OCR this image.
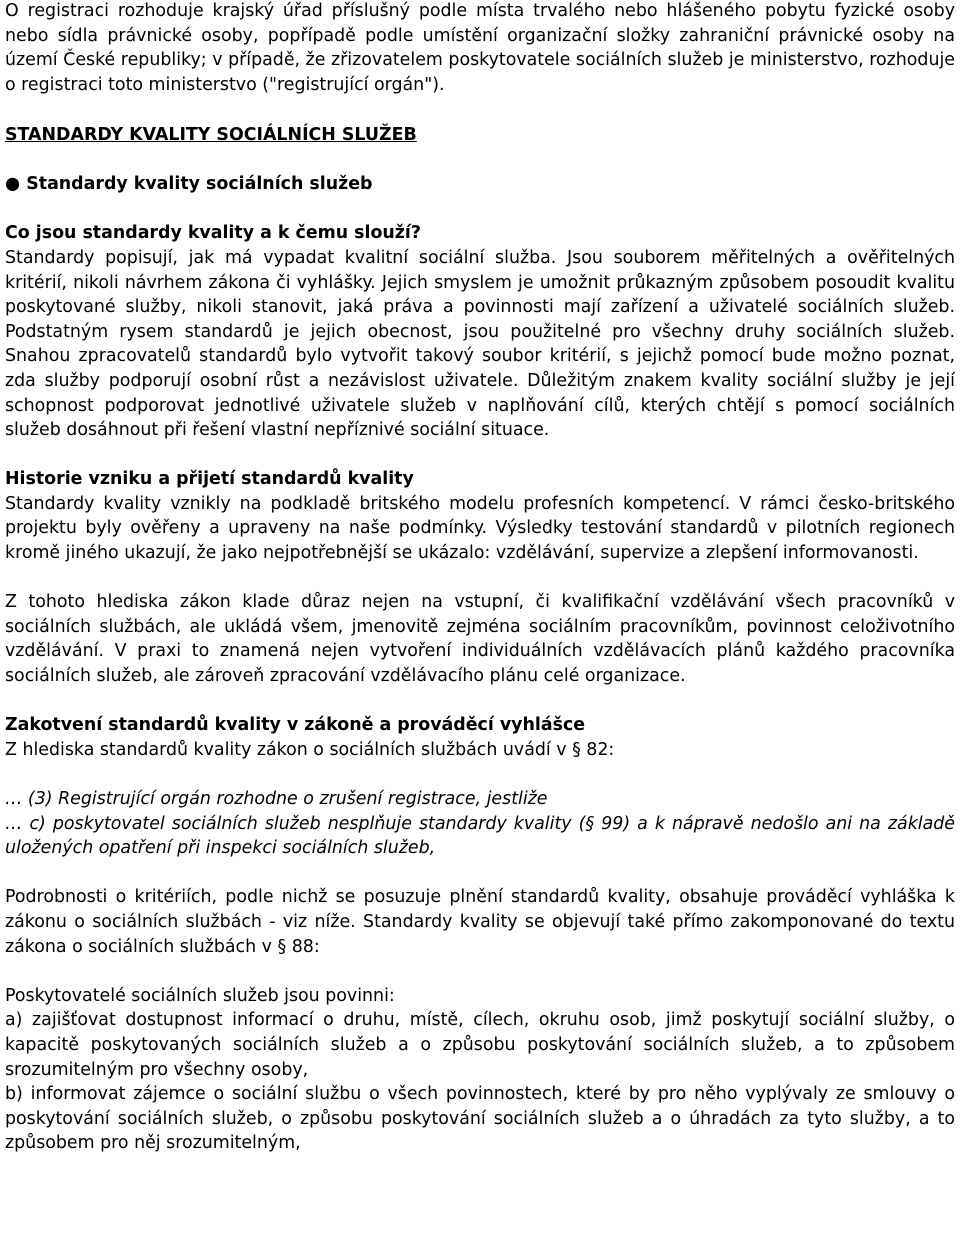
O registraci rozhoduje krajský úřad příslušný podle místa trvalého nebo hlášeného pobytu fyzické osoby nebo sídla právnické osoby, popřípadě podle umístění organizační složky zahraniční právnické osoby na území České republiky; v případě, že zřizovatelem poskytovatele sociálních služeb je ministerstvo, rozhoduje o registraci toto ministerstvo ("registrující orgán").

STANDARDY KVALITY SOCIÁLNÍCH SLUŽEB

● Standardy kvality sociálních služeb

Co jsou standardy kvality a k čemu slouží?

Standardy popisují, jak má vypadat kvalitní sociální služba. Jsou souborem měřitelných a ověřitelných kritérií, nikoli návrhem zákona či vyhlášky. Jejich smyslem je umožnit průkazným způsobem posoudit kvalitu poskytované služby, nikoli stanovit, jaká práva a povinnosti mají zařízení a uživatelé sociálních služeb. Podstatným rysem standardů je jejich obecnost, jsou použitelné pro všechny druhy sociálních služeb. Snahou zpracovatelů standardů bylo vytvořit takový soubor kritérií, s jejichž pomocí bude možno poznat, zda služby podporují osobní růst a nezávislost uživatele. Důležitým znakem kvality sociální služby je její schopnost podporovat jednotlivé uživatele služeb v naplňování cílů, kterých chtějí s pomocí sociálních služeb dosáhnout při řešení vlastní nepříznivé sociální situace.

Historie vzniku a přijetí standardů kvality

Standardy kvality vznikly na podkladě britského modelu profesních kompetencí. V rámci česko-britského projektu byly ověřeny a upraveny na naše podmínky. Výsledky testování standardů v pilotních regionech kromě jiného ukazují, že jako nejpotřebnější se ukázalo: vzdělávání, supervize a zlepšení informovanosti.

Z tohoto hlediska zákon klade důraz nejen na vstupní, či kvalifikační vzdělávání všech pracovníků v sociálních službách, ale ukládá všem, jmenovitě zejména sociálním pracovníkům, povinnost celoživotního vzdělávání. V praxi to znamená nejen vytvoření individuálních vzdělávacích plánů každého pracovníka sociálních služeb, ale zároveň zpracování vzdělávacího plánu celé organizace.

Zakotvení standardů kvality v zákoně a prováděcí vyhlášce

Z hlediska standardů kvality zákon o sociálních službách uvádí v § 82:

… (3) Registrující orgán rozhodne o zrušení registrace, jestliže

… c) poskytovatel sociálních služeb nesplňuje standardy kvality (§ 99) a k nápravě nedošlo ani na základě uložených opatření při inspekci sociálních služeb,

Podrobnosti o kritériích, podle nichž se posuzuje plnění standardů kvality, obsahuje prováděcí vyhláška k zákonu o sociálních službách - viz níže. Standardy kvality se objevují také přímo zakomponované do textu zákona o sociálních službách v § 88:

Poskytovatelé sociálních služeb jsou povinni:

a) zajišťovat dostupnost informací o druhu, místě, cílech, okruhu osob, jimž poskytují sociální služby, o kapacitě poskytovaných sociálních služeb a o způsobu poskytování sociálních služeb, a to způsobem srozumitelným pro všechny osoby,

b) informovat zájemce o sociální službu o všech povinnostech, které by pro něho vyplývaly ze smlouvy o poskytování sociálních služeb, o způsobu poskytování sociálních služeb a o úhradách za tyto služby, a to způsobem pro něj srozumitelným,
